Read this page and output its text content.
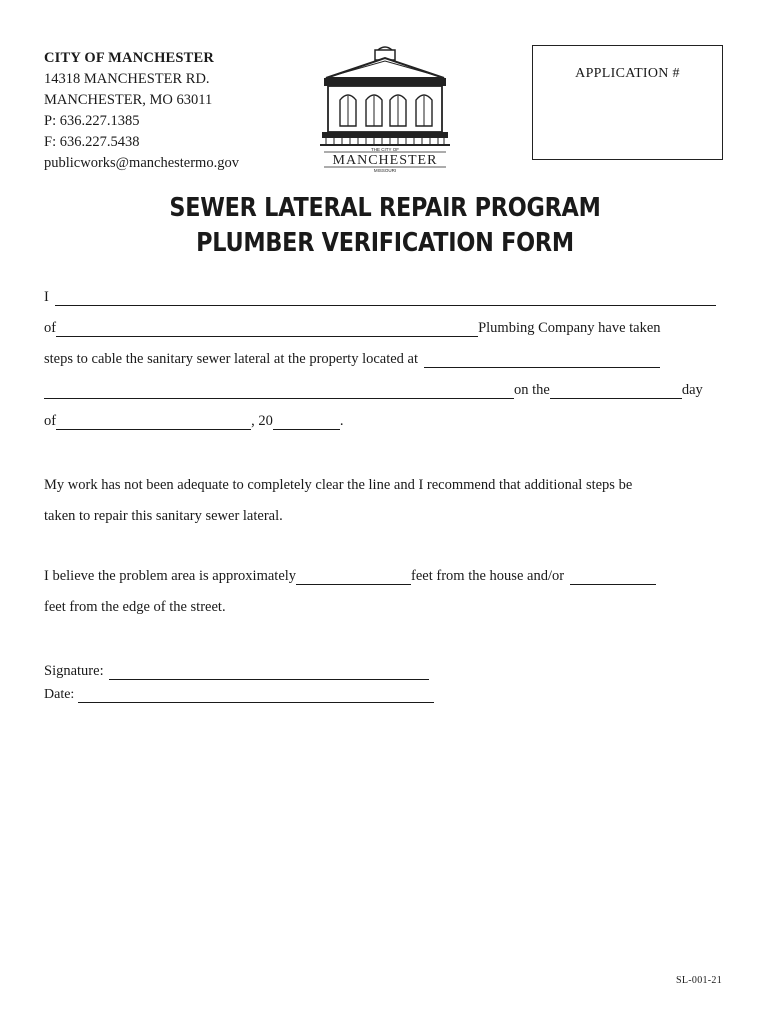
CITY OF MANCHESTER
14318 MANCHESTER RD.
MANCHESTER, MO 63011
P: 636.227.1385
F: 636.227.5438
publicworks@manchestermo.gov
THE CITY OF
MANCHESTER
MISSOURI
APPLICATION #
SEWER LATERAL REPAIR PROGRAM
PLUMBER VERIFICATION FORM
I
of	Plumbing Company have taken
steps to cable the sanitary sewer lateral at the property located at
on the	day
of	, 20	.
My work has not been adequate to completely clear the line and I recommend that additional steps be
taken to repair this sanitary sewer lateral.
I believe the problem area is approximately	feet from the house and/or
feet from the edge of the street.
Signature:
Date:
SL-001-21
